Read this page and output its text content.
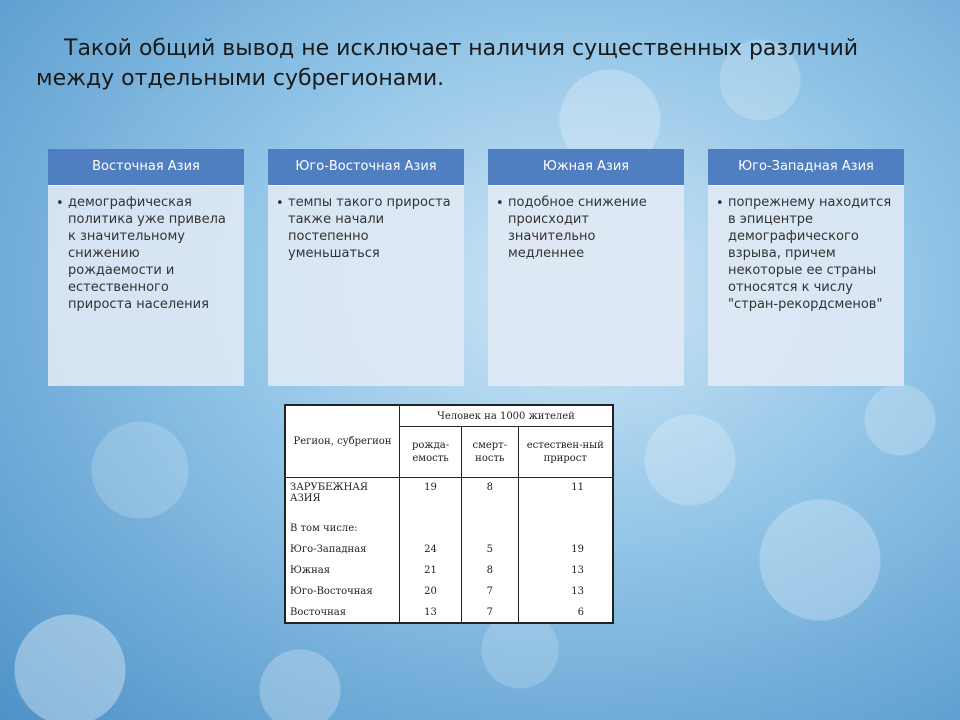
Такой общий вывод не исключает наличия существенных различий
между отдельными субрегионами.
Восточная Азия
• демографическая политика уже привела к значительному снижению рождаемости и естественного прироста населения
Юго-Восточная Азия
• темпы такого прироста также начали постепенно уменьшаться
Южная Азия
• подобное снижение происходит значительно медленнее
Юго-Западная Азия
• попрежнему находится в эпицентре демографического взрыва, причем некоторые ее страны относятся к числу "стран-рекордсменов"
Регион, субрегион	Человек на 1000 жителей		
	рожда-емость	смерт-ность	естествен-ный прирост
ЗАРУБЕЖНАЯ АЗИЯ	19	8	11
В том числе:			
Юго-Западная	24	5	19
Южная	21	8	13
Юго-Восточная	20	7	13
Восточная	13	7	6
